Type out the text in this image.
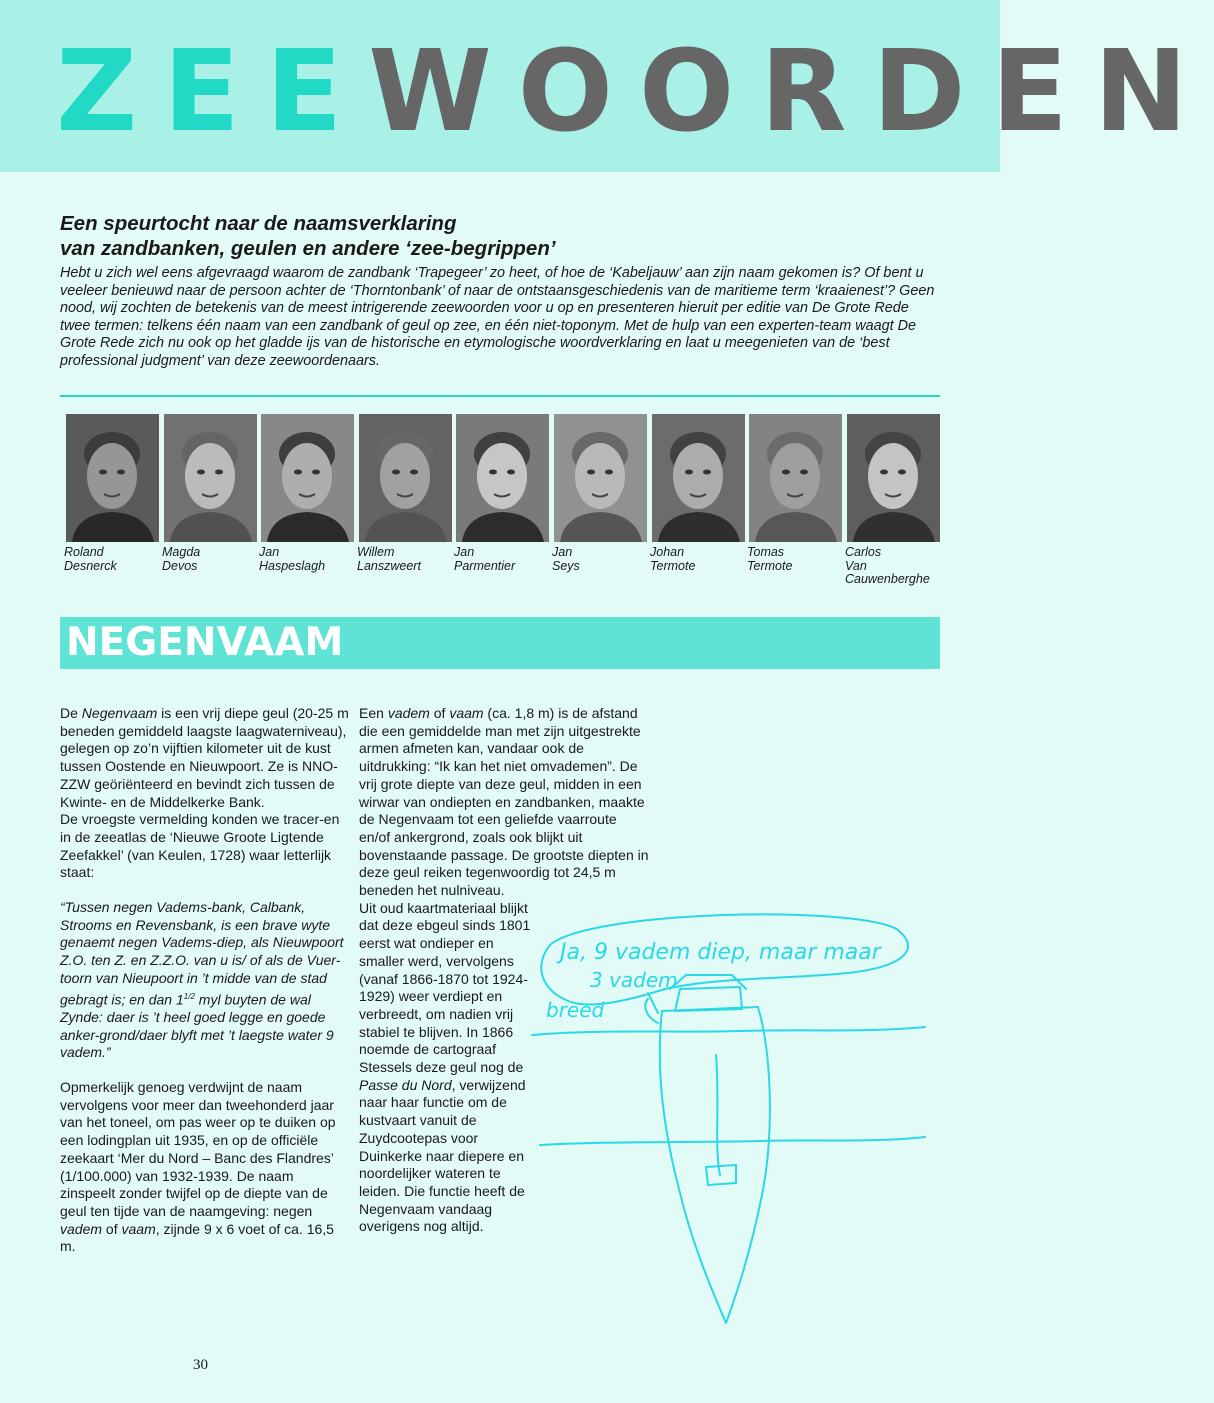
ZEEWOORDEN
Een speurtocht naar de naamsverklaring
van zandbanken, geulen en andere ‘zee-begrippen’
Hebt u zich wel eens afgevraagd waarom de zandbank ‘Trapegeer’ zo heet, of hoe de ‘Kabeljauw’ aan zijn naam gekomen is? Of bent u veeleer benieuwd naar de persoon achter de ‘Thorntonbank’ of naar de ontstaansgeschiedenis van de maritieme term ‘kraaienest’? Geen nood, wij zochten de betekenis van de meest intrigerende zeewoorden voor u op en presenteren hieruit per editie van De Grote Rede twee termen: telkens één naam van een zandbank of geul op zee, en één niet-toponym. Met de hulp van een experten-team waagt De Grote Rede zich nu ook op het gladde ijs van de historische en etymologische woordverklaring en laat u meegenieten van de ‘best professional judgment’ van deze zeewoordenaars.
Roland
Desnerck
Magda
Devos
Jan
Haspeslagh
Willem
Lanszweert
Jan
Parmentier
Jan
Seys
Johan
Termote
Tomas
Termote
Carlos
Van
Cauwenberghe
NEGENVAAM

De Negenvaam is een vrij diepe geul (20-25 m beneden gemiddeld laagste laagwaterniveau), gelegen op zo’n vijftien kilometer uit de kust tussen Oostende en Nieuwpoort. Ze is NNO-ZZW geöriënteerd en bevindt zich tussen de Kwinte- en de Middelkerke Bank.

De vroegste vermelding konden we tracer-en in de zeeatlas de ‘Nieuwe Groote Ligtende Zeefakkel’ (van Keulen, 1728) waar letterlijk staat:

“Tussen negen Vadems-bank, Calbank, Strooms en Revensbank, is een brave wyte genaemt negen Vadems-diep, als Nieuwpoort Z.O. ten Z. en Z.Z.O. van u is/ of als de Vuer-toorn van Nieupoort in ’t midde van de stad gebragt is; en dan $1^{1/2}$ myl buyten de wal Zynde: daer is ’t heel goed legge en goede anker-grond/daer blyft met ’t laegste water 9 vadem.”

Opmerkelijk genoeg verdwijnt de naam vervolgens voor meer dan tweehonderd jaar van het toneel, om pas weer op te duiken op een lodingplan uit 1935, en op de officiële zeekaart ‘Mer du Nord – Banc des Flandres’ (1/100.000) van 1932-1939. De naam zinspeelt zonder twijfel op de diepte van de geul ten tijde van de naamgeving: negen vadem of vaam, zijnde 9 x 6 voet of ca. 16,5 m.

Een vadem of vaam (ca. 1,8 m) is de afstand die een gemiddelde man met zijn uitgestrekte armen afmeten kan, vandaar ook de uitdrukking: “Ik kan het niet omvademen”. De vrij grote diepte van deze geul, midden in een wirwar van ondiepten en zandbanken, maakte de Negenvaam tot een geliefde vaarroute en/of ankergrond, zoals ook blijkt uit bovenstaande passage. De grootste diepten in deze geul reiken tegenwoordig tot 24,5 m beneden het nulniveau.

Uit oud kaartmateriaal blijkt dat deze ebgeul sinds 1801 eerst wat ondieper en smaller werd, vervolgens (vanaf 1866-1870 tot 1924-1929) weer verdiept en verbreedt, om nadien vrij stabiel te blijven. In 1866 noemde de cartograaf Stessels deze geul nog de Passe du Nord, verwijzend naar haar functie om de kustvaart vanuit de Zuydcootepas voor Duinkerke naar diepere en noordelijker wateren te leiden. Die functie heeft de Negenvaam vandaag overigens nog altijd.

Ja, 9 vadem diep, maar maar
3 vadem
breed
30
